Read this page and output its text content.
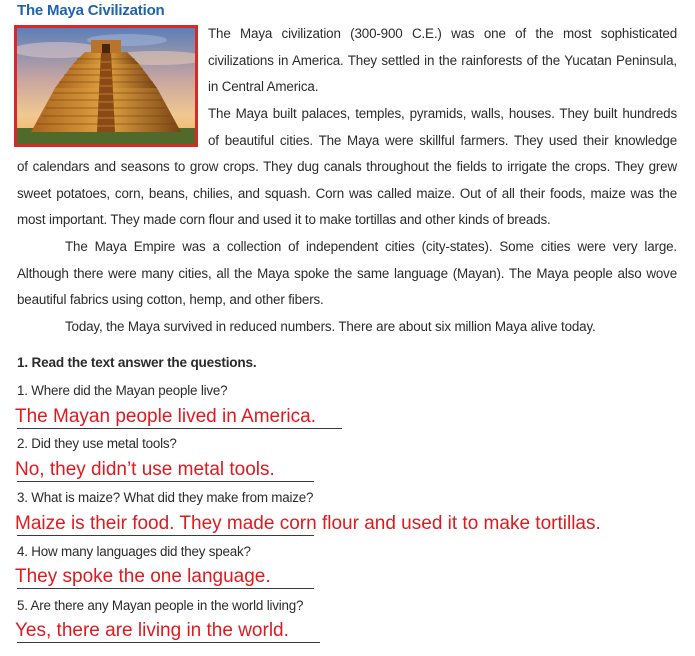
The Maya Civilization
The Maya civilization (300-900 C.E.) was one of the most sophisticated
civilizations in America. They settled in the rainforests of the Yucatan Peninsula,
in Central America.
The Maya built palaces, temples, pyramids, walls, houses. They built hundreds
of beautiful cities. The Maya were skillful farmers. They used their knowledge
of calendars and seasons to grow crops. They dug canals throughout the fields to irrigate the crops. They grew
sweet potatoes, corn, beans, chilies, and squash. Corn was called maize. Out of all their foods, maize was the
most important. They made corn flour and used it to make tortillas and other kinds of breads.
The Maya Empire was a collection of independent cities (city-states). Some cities were very large.
Although there were many cities, all the Maya spoke the same language (Mayan). The Maya people also wove
beautiful fabrics using cotton, hemp, and other fibers.
Today, the Maya survived in reduced numbers. There are about six million Maya alive today.
1. Read the text answer the questions.
1. Where did the Mayan people live?
The Mayan people lived in America.
2. Did they use metal tools?
No, they didn’t use metal tools.
3. What is maize? What did they make from maize?
Maize is their food. They made corn flour and used it to make tortillas.
4. How many languages did they speak?
They spoke the one language.
5. Are there any Mayan people in the world living?
Yes, there are living in the world.
